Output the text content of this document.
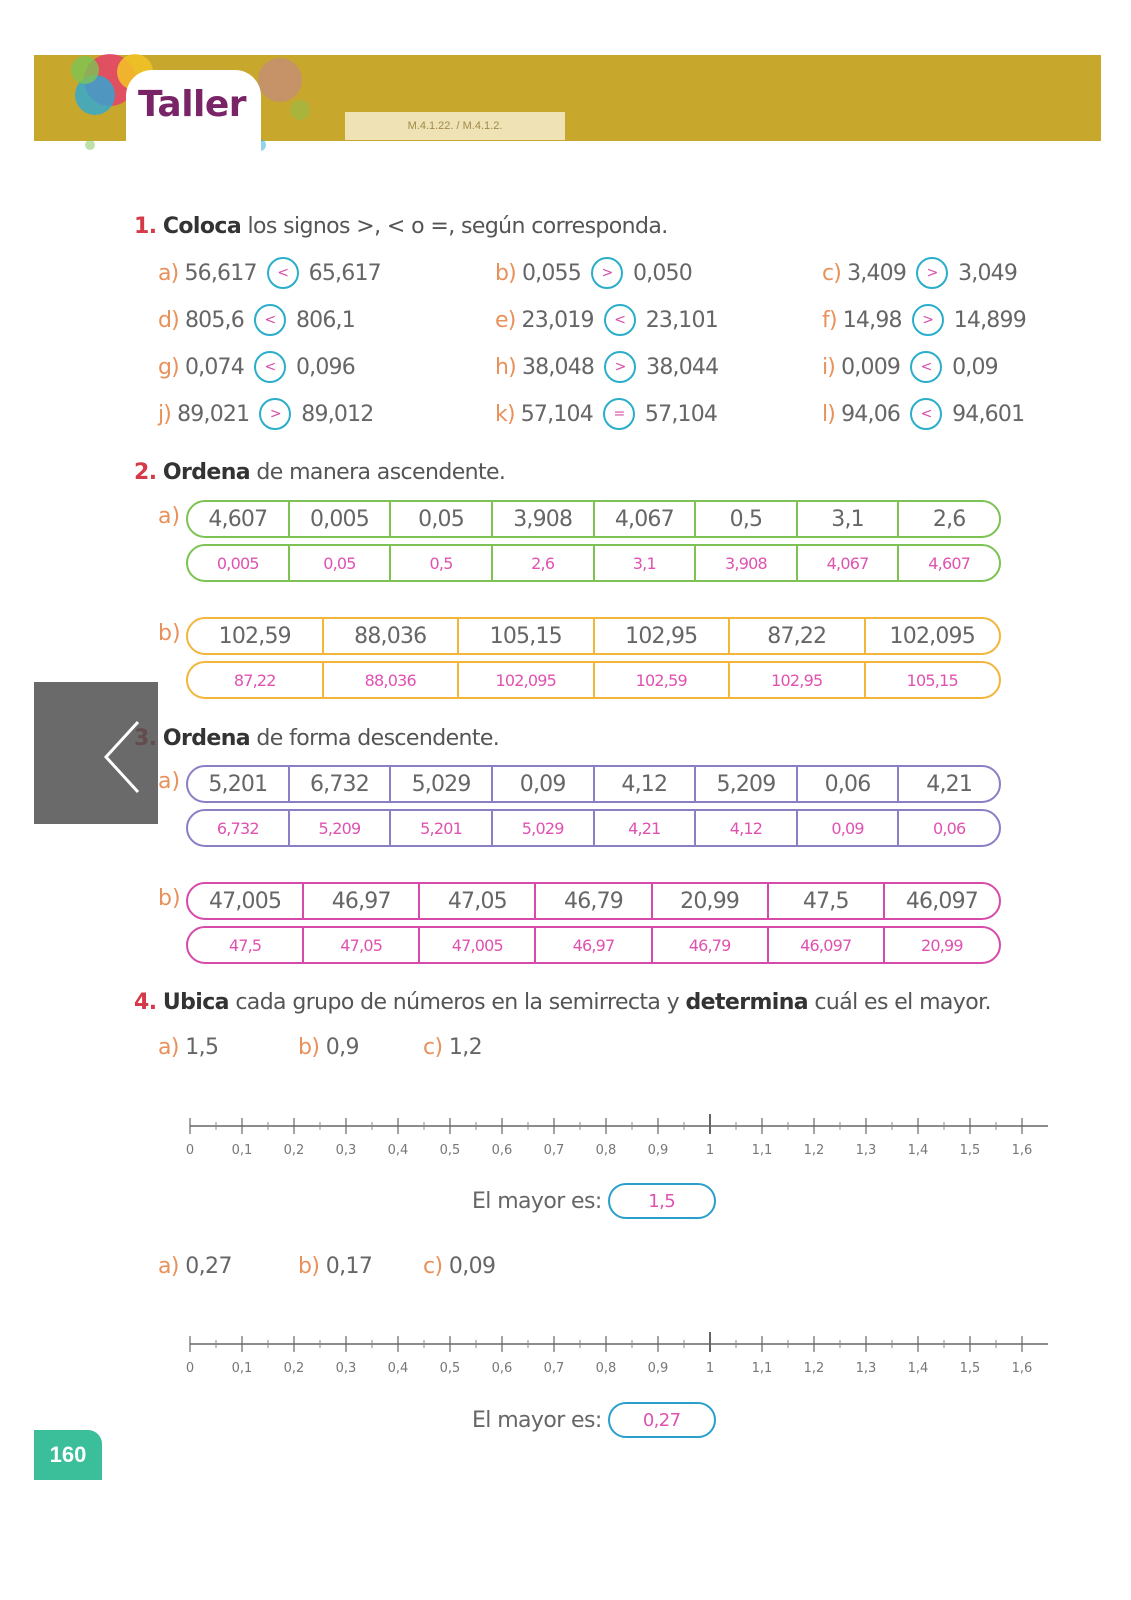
Taller
M.4.1.22. / M.4.1.2.
1. Coloca los signos >, < o =, según corresponda.
a) 56,617	< 65,617	b) 0,055	> 0,050	c) 3,409	> 3,049
d) 805,6	< 806,1	e) 23,019	< 23,101	f) 14,98	> 14,899
g) 0,074	< 0,096	h) 38,048	> 38,044	i) 0,009	< 0,09
j) 89,021	> 89,012	k) 57,104	= 57,104	l) 94,06	< 94,601
2. Ordena de manera ascendente.
a)	4,607	0,005	0,05	3,908	4,067	0,5	3,1	2,6
0,005	0,05	0,5	2,6	3,1	3,908	4,067	4,607
b)	102,59	88,036	105,15	102,95	87,22	102,095
87,22	88,036	102,095	102,59	102,95	105,15
Ordena de forma descendente.
a)	5,201	6,732	5,029	0,09	4,12	5,209	0,06	4,21
6,732	5,209	5,201	5,029	4,21	4,12	0,09	0,06
b)	47,005	46,97	47,05	46,79	20,99	47,5	46,097
47,5	47,05	47,005	46,97	46,79	46,097	20,99
4. Ubica cada grupo de números en la semirrecta y determina cuál es el mayor.
a) 1,5	b) 0,9	c) 1,2
0	0,1 0,2 0,3 0,4 0,5 0,6 0,7 0,8 0,9	1	1,1 1,2 1,3 1,4 1,5 1,6
El mayor es:	1,5
a) 0,27	b) 0,17 c) 0,09
0	0,1 0,2 0,3 0,4 0,5 0,6 0,7 0,8 0,9	1	1,1 1,2 1,3 1,4 1,5 1,6
El mayor es:	0,27
160
